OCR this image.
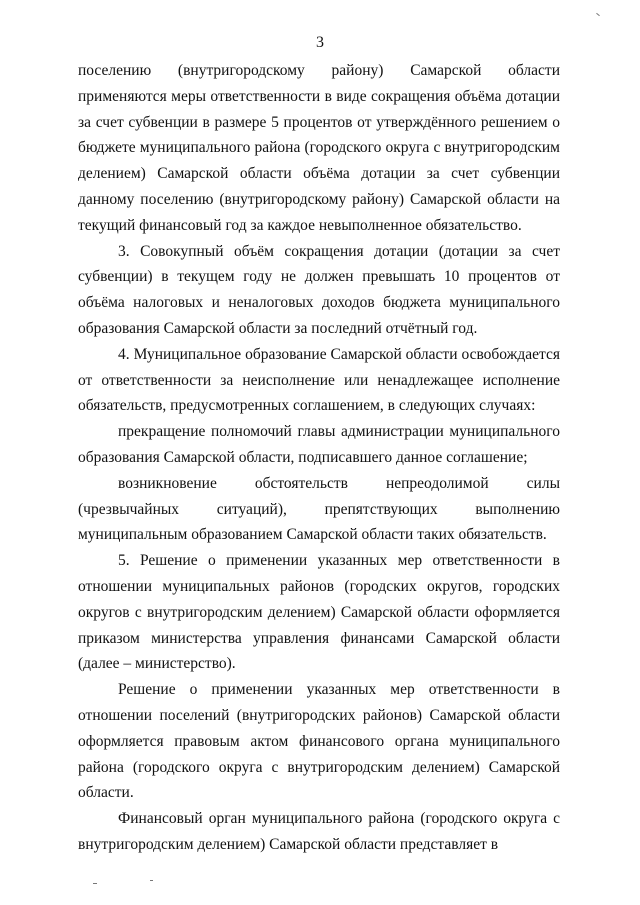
3

поселению (внутригородскому району) Самарской области применяются меры ответственности в виде сокращения объёма дотации за счет субвенции в размере 5 процентов от утверждённого решением о бюджете муниципального района (городского округа с внутригородским делением) Самарской области объёма дотации за счет субвенции данному поселению (внутригородскому району) Самарской области на текущий финансовый год за каждое невыполненное обязательство.

3. Совокупный объём сокращения дотации (дотации за счет субвенции) в текущем году не должен превышать 10 процентов от объёма налоговых и неналоговых доходов бюджета муниципального образования Самарской области за последний отчётный год.

4. Муниципальное образование Самарской области освобождается от ответственности за неисполнение или ненадлежащее исполнение обязательств, предусмотренных соглашением, в следующих случаях:

прекращение полномочий главы администрации муниципального образования Самарской области, подписавшего данное соглашение;

возникновение обстоятельств непреодолимой силы (чрезвычайных ситуаций), препятствующих выполнению муниципальным образованием Самарской области таких обязательств.

5. Решение о применении указанных мер ответственности в отношении муниципальных районов (городских округов, городских округов с внутригородским делением) Самарской области оформляется приказом министерства управления финансами Самарской области (далее – министерство).

Решение о применении указанных мер ответственности в отношении поселений (внутригородских районов) Самарской области оформляется правовым актом финансового органа муниципального района (городского округа с внутригородским делением) Самарской области.

Финансовый орган муниципального района (городского округа с внутригородским делением) Самарской области представляет в
